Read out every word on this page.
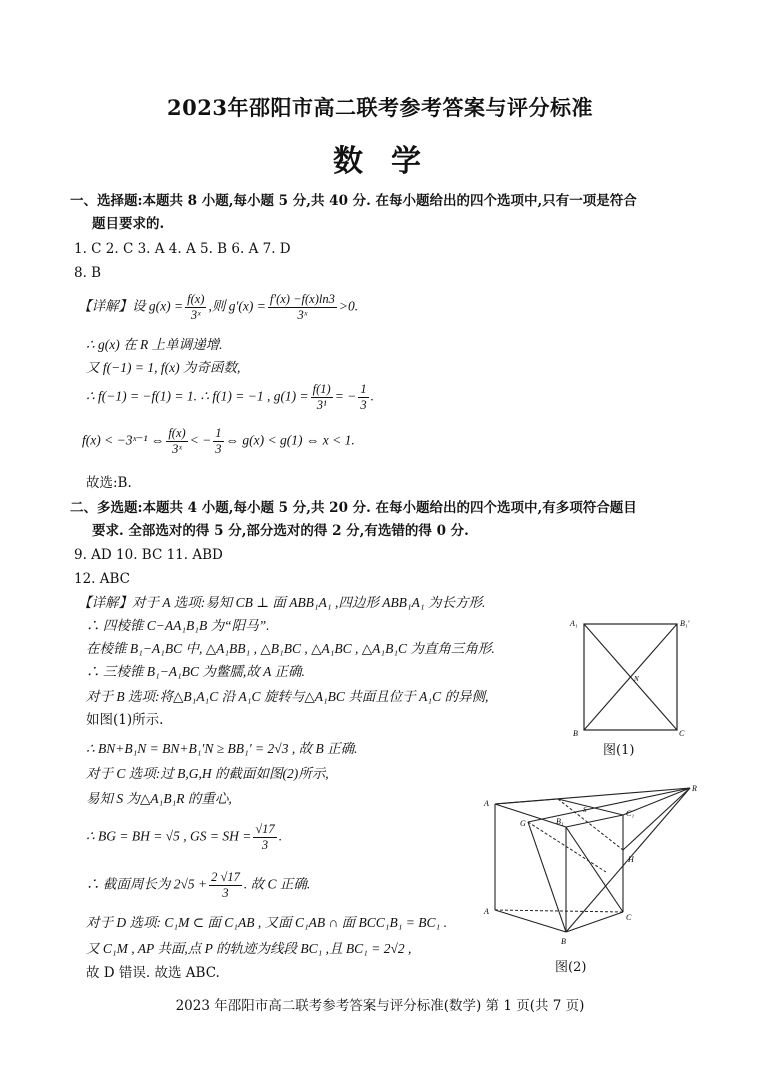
2023年邵阳市高二联考参考答案与评分标准
数学
一、选择题:本题共 8 小题,每小题 5 分,共 40 分. 在每小题给出的四个选项中,只有一项是符合
题目要求的.
1. C 2. C 3. A 4. A 5. B 6. A 7. D
8. B
【详解】设 $g(x) = \frac{f(x)}{\text{3ˣ}}$ ,则 $g'(x) = \frac{f'(x) -f(x)\ln 3}{\text{3ˣ}} >0$.
∴ g(x) 在 R 上单调递增.
又 f(−1) = 1, f(x) 为奇函数,
∴ f(−1) = −f(1) = 1. ∴ f(1) = −1 , $g(1) = \frac{f(1)}{\text{3¹}}$ = − $\frac{1}{3}$ .
f(x) < −3ˣ⁻¹ ⇔ $\frac{f(x)}{\text{3ˣ}}$ < − $\frac{1}{3}$ ⇔ g(x) < g(1) ⇔ x < 1.
故选:B.
二、多选题:本题共 4 小题,每小题 5 分,共 20 分. 在每小题给出的四个选项中,有多项符合题目
要求. 全部选对的得 5 分,部分选对的得 2 分,有选错的得 0 分.
9. AD 10. BC 11. ABD
12. ABC
【详解】对于 A 选项:易知 CB ⊥ 面 ABB₁A₁ ,四边形 ABB₁A₁ 为长方形.
∴ 四棱锥 C−AA₁B₁B 为“阳马”.
在棱锥 B₁−A₁BC 中, △A₁BB₁ , △B₁BC , △A₁BC , △A₁B₁C 为直角三角形.
∴ 三棱锥 B₁−A₁BC 为鳖臑,故 A 正确.
对于 B 选项:将△B₁A₁C 沿 A₁C 旋转与△A₁BC 共面且位于 A₁C 的异侧,
如图(1)所示.
∴ BN+B₁N = BN+B₁′N ≥ BB₁′ = 2√3 , 故 B 正确.
对于 C 选项:过 B,G,H 的截面如图(2)所示,
易知 S 为△A₁B₁R 的重心,
∴ BG = BH = √5 , GS = SH = $\frac{√17}{3}$ .
∴ 截面周长为 $2√5 + \frac{2 √17}{3}$ . 故 C 正确.
对于 D 选项: C₁M ⊂ 面 C₁AB , 又面 C₁AB ∩ 面 BCC₁B₁ = BC₁ .
又 C₁M , AP 共面,点 P 的轨迹为线段 BC₁ ,且 BC₁ = 2√2 ,
故 D 错误. 故选 ABC.
A₁	B₁′
N
B	C
图(1)
A
A
B
C
C₁
G	B₁
S
H
R
图(2)
2023 年邵阳市高二联考参考答案与评分标准(数学) 第 1 页(共 7 页)
